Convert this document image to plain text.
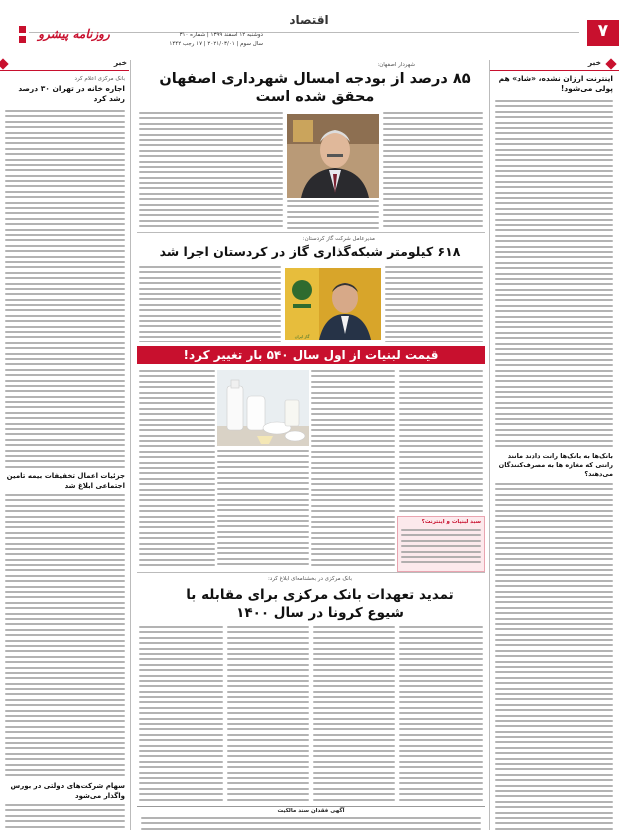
۷
اقتصاد
روزنامه پیشرو	دوشنبه ۱۲ اسفند ۱۳۹۹ | شماره ۳۱۰
سال سوم | ۲۰۲۱/۰۳/۰۱ | ۱۷ رجب ۱۴۴۲
خبر	خبر
اینترنت ارزان نشده، «شاد» هم پولی می‌شود!
بانک‌ها به بانک‌ها رانت دادند مانند رانتی که مغازه ها به مصرف‌کنندگان می‌دهند؟
بانک مرکزی اعلام کرد
اجاره خانه در تهران ۳۰ درصد رشد کرد
جزئیات اعمال تخفیفات بیمه تامین اجتماعی ابلاغ شد
سهام شرکت‌های دولتی در بورس واگذار می‌شود
شهردار اصفهان:
۸۵ درصد از بودجه امسال شهرداری اصفهان محقق شده است
مدیرعامل شرکت گاز کردستان:
۶۱۸ کیلومتر شبکه‌گذاری گاز در کردستان اجرا شد
گاز ایران
قیمت لبنیات از اول سال ۵۴۰ بار تغییر کرد!
سبد لبنیات و اینترنت؟
بانک مرکزی در بخشنامه‌ای ابلاغ کرد:
تمدید تعهدات بانک مرکزی برای مقابله با شیوع کرونا در سال ۱۴۰۰
آگهی فقدان سند مالکیت
